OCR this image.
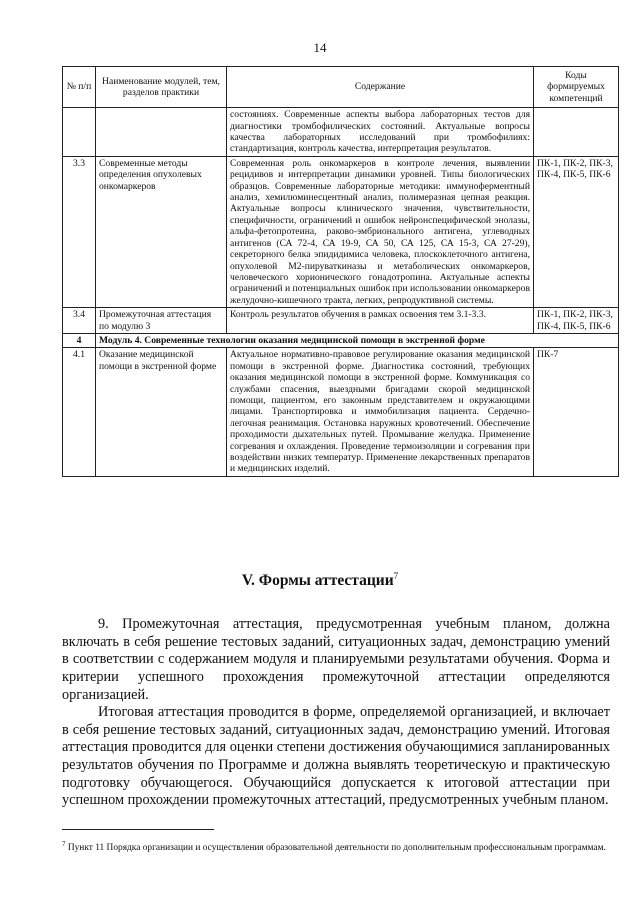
14
№ п/п	Наименование модулей, тем, разделов практики	Содержание	Коды формируемых компетенций
		состояниях. Современные аспекты выбора лабораторных тестов для диагностики тромбофилических состояний. Актуальные вопросы качества лабораторных исследований при тромбофилиях: стандартизация, контроль качества, интерпретация результатов.	
3.3	Современные методы определения опухолевых онкомаркеров	Современная роль онкомаркеров в контроле лечения, выявлении рецидивов и интерпретации динамики уровней. Типы биологических образцов. Современные лабораторные методики: иммуноферментный анализ, хемилюминесцентный анализ, полимеразная цепная реакция. Актуальные вопросы клинического значения, чувствительности, специфичности, ограничений и ошибок нейронспецифической энолазы, альфа-фетопротеина, раково-эмбрионального антигена, углеводных антигенов (СА 72-4, СА 19-9, СА 50, СА 125, СА 15-3, СА 27-29), секреторного белка эпидидимиса человека, плоскоклеточного антигена, опухолевой М2-пируваткиназы и метаболических онкомаркеров, человеческого хорионического гонадотропина. Актуальные аспекты ограничений и потенциальных ошибок при использовании онкомаркеров желудочно-кишечного тракта, легких, репродуктивной системы.	ПК-1, ПК-2, ПК-3, ПК-4, ПК-5, ПК-6
3.4	Промежуточная аттестация по модулю 3	Контроль результатов обучения в рамках освоения тем 3.1-3.3.	ПК-1, ПК-2, ПК-3, ПК-4, ПК-5, ПК-6
4	Модуль 4. Современные технологии оказания медицинской помощи в экстренной форме		
4.1	Оказание медицинской помощи в экстренной форме	Актуальное нормативно-правовое регулирование оказания медицинской помощи в экстренной форме. Диагностика состояний, требующих оказания медицинской помощи в экстренной форме. Коммуникация со службами спасения, выездными бригадами скорой медицинской помощи, пациентом, его законным представителем и окружающими лицами. Транспортировка и иммобилизация пациента. Сердечно-легочная реанимация. Остановка наружных кровотечений. Обеспечение проходимости дыхательных путей. Промывание желудка. Применение согревания и охлаждения. Проведение термоизоляции и согревания при воздействии низких температур. Применение лекарственных препаратов и медицинских изделий.	ПК-7
V. Формы аттестации$^7$

9. Промежуточная аттестация, предусмотренная учебным планом, должна включать в себя решение тестовых заданий, ситуационных задач, демонстрацию умений в соответствии с содержанием модуля и планируемыми результатами обучения. Форма и критерии успешного прохождения промежуточной аттестации определяются организацией.

Итоговая аттестация проводится в форме, определяемой организацией, и включает в себя решение тестовых заданий, ситуационных задач, демонстрацию умений. Итоговая аттестация проводится для оценки степени достижения обучающимися запланированных результатов обучения по Программе и должна выявлять теоретическую и практическую подготовку обучающегося. Обучающийся допускается к итоговой аттестации при успешном прохождении промежуточных аттестаций, предусмотренных учебным планом.

$^7$ Пункт 11 Порядка организации и осуществления образовательной деятельности по дополнительным профессиональным программам.
